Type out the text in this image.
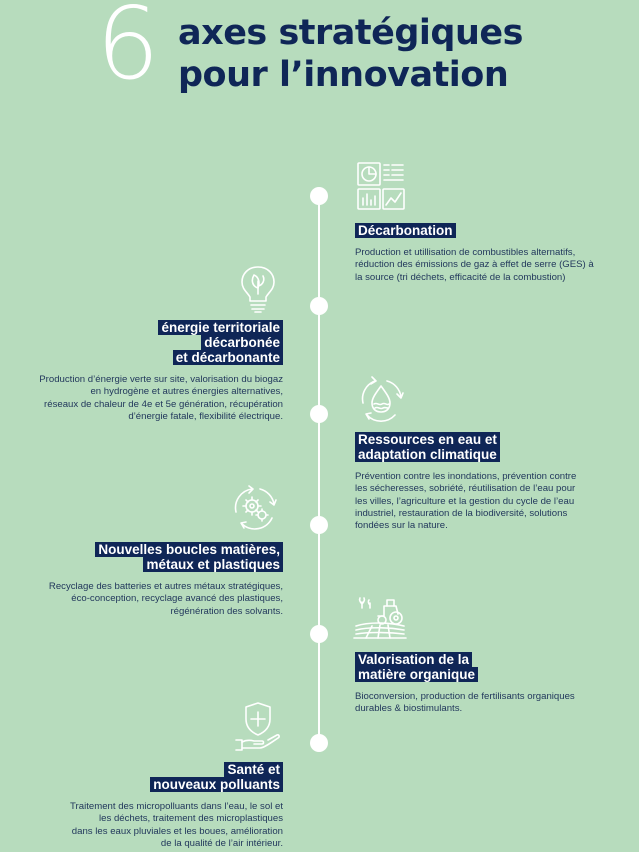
6 axes stratégiques
pour l’innovation
Décarbonation
Production et utillisation de combustibles alternatifs,
réduction des émissions de gaz à effet de serre (GES) à
la source (tri déchets, efficacité de la combustion)
énergie territoriale
décarbonée
et décarbonante
Production d’énergie verte sur site, valorisation du biogaz
en hydrogène et autres énergies alternatives,
réseaux de chaleur de 4e et 5e génération, récupération
d’énergie fatale, flexibilité électrique.
Ressources en eau et
adaptation climatique
Prévention contre les inondations, prévention contre
les sécheresses, sobriété, réutilisation de l’eau pour
les villes, l’agriculture et la gestion du cycle de l’eau
industriel, restauration de la biodiversité, solutions
fondées sur la nature.
Nouvelles boucles matières,
métaux et plastiques
Recyclage des batteries et autres métaux stratégiques,
éco-conception, recyclage avancé des plastiques,
régénération des solvants.
Valorisation de la
matière organique
Bioconversion, production de fertilisants organiques
durables & biostimulants.
Santé et
nouveaux polluants
Traitement des micropolluants dans l’eau, le sol et
les déchets, traitement des microplastiques
dans les eaux pluviales et les boues, amélioration
de la qualité de l’air intérieur.
